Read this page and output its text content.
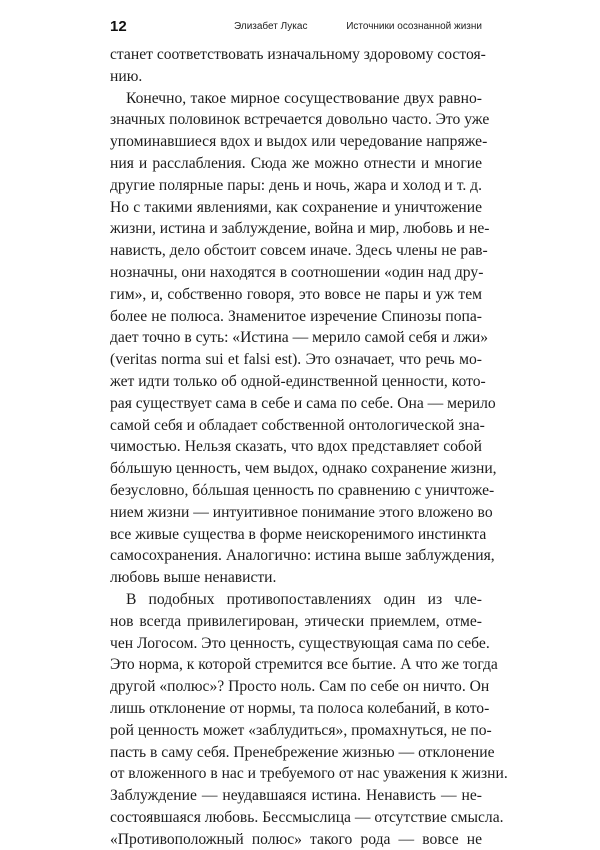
12	Элизабет Лукас	Источники осознанной жизни
станет соответствовать изначальному здоровому состоя-
нию.
Конечно, такое мирное сосуществование двух равно-
значных половинок встречается довольно часто. Это уже
упоминавшиеся вдох и выдох или чередование напряже-
ния и расслабления. Сюда же можно отнести и многие
другие полярные пары: день и ночь, жара и холод и т. д.
Но с такими явлениями, как сохранение и уничтожение
жизни, истина и заблуждение, война и мир, любовь и не-
нависть, дело обстоит совсем иначе. Здесь члены не рав-
нозначны, они находятся в соотношении «один над дру-
гим», и, собственно говоря, это вовсе не пары и уж тем
более не полюса. Знаменитое изречение Спинозы попа-
дает точно в суть: «Истина — мерило самой себя и лжи»
(veritas norma sui et falsi est). Это означает, что речь мо-
жет идти только об одной-единственной ценности, кото-
рая существует сама в себе и сама по себе. Она — мерило
самой себя и обладает собственной онтологической зна-
чимостью. Нельзя сказать, что вдох представляет собой
бóльшую ценность, чем выдох, однако сохранение жизни,
безусловно, бóльшая ценность по сравнению с уничтоже-
нием жизни — интуитивное понимание этого вложено во
все живые существа в форме неискоренимого инстинкта
самосохранения. Аналогично: истина выше заблуждения,
любовь выше ненависти.
В подобных противопоставлениях один из чле-
нов всегда привилегирован, этически приемлем, отме-
чен Логосом. Это ценность, существующая сама по себе.
Это норма, к которой стремится все бытие. А что же тогда
другой «полюс»? Просто ноль. Сам по себе он ничто. Он
лишь отклонение от нормы, та полоса колебаний, в кото-
рой ценность может «заблудиться», промахнуться, не по-
пасть в саму себя. Пренебрежение жизнью — отклонение
от вложенного в нас и требуемого от нас уважения к жизни.
Заблуждение — неудавшаяся истина. Ненависть — не-
состоявшаяся любовь. Бессмыслица — отсутствие смысла.
«Противоположный полюс» такого рода — вовсе не
